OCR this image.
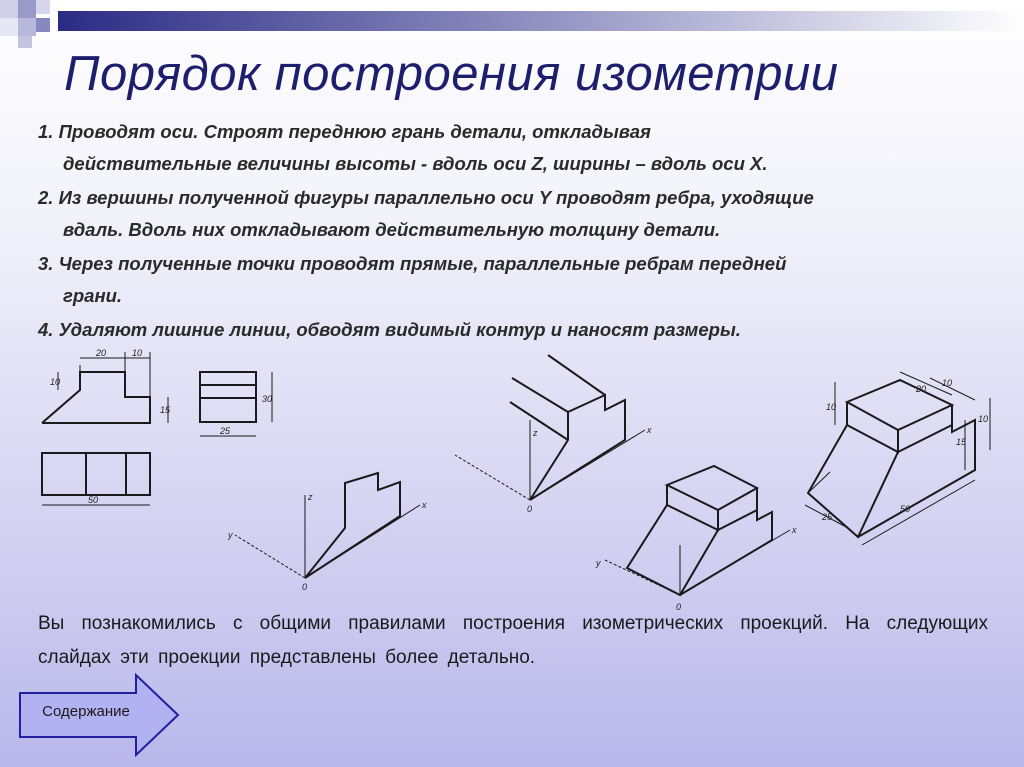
Порядок построения изометрии

1. Проводят оси. Строят переднюю грань детали, откладывая
действительные величины высоты - вдоль оси Z, ширины – вдоль оси X.

2. Из вершины полученной фигуры параллельно оси Y проводят ребра, уходящие
вдаль. Вдоль них откладывают действительную толщину детали.

3. Через полученные точки проводят прямые, параллельные ребрам передней
грани.

4. Удаляют лишние линии, обводят видимый контур и наносят размеры.

20	10
10
15
30
25
50
10
20
10
10
15
25
50
z
y
x
0
z	x
0
y
0
x

Вы познакомились с общими правилами построения изометрических проекций. На следующих слайдах эти проекции представлены более детально.

Содержание
